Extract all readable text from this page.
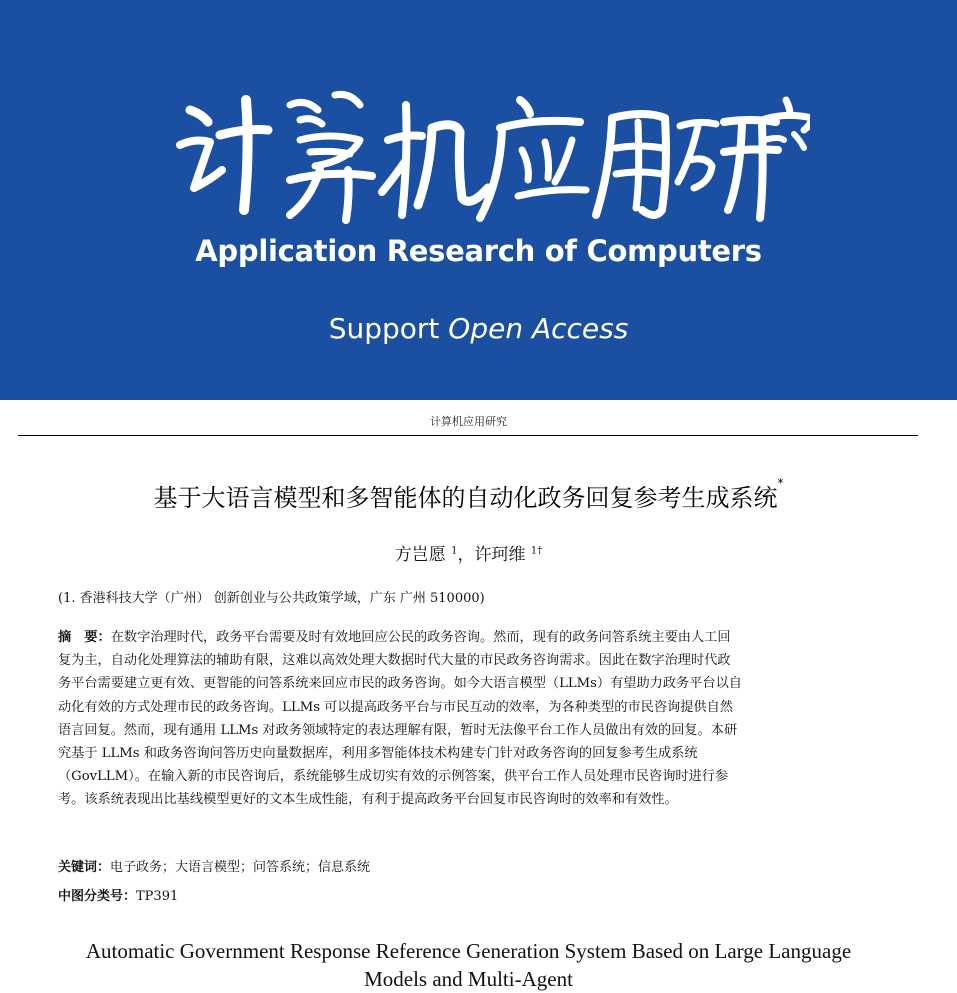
Application Research of Computers
Support Open Access
计算机应用研究
基于大语言模型和多智能体的自动化政务回复参考生成系统*
方岂愿 $^1$，许珂维 $^{1\dagger}$
(1. 香港科技大学（广州） 创新创业与公共政策学域，广东 广州 510000)
摘　要：在数字治理时代，政务平台需要及时有效地回应公民的政务咨询。然而，现有的政务问答系统主要由人工回
复为主，自动化处理算法的辅助有限，这难以高效处理大数据时代大量的市民政务咨询需求。因此在数字治理时代政
务平台需要建立更有效、更智能的问答系统来回应市民的政务咨询。如今大语言模型（LLMs）有望助力政务平台以自
动化有效的方式处理市民的政务咨询。LLMs 可以提高政务平台与市民互动的效率，为各种类型的市民咨询提供自然
语言回复。然而，现有通用 LLMs 对政务领域特定的表达理解有限，暂时无法像平台工作人员做出有效的回复。本研
究基于 LLMs 和政务咨询问答历史向量数据库，利用多智能体技术构建专门针对政务咨询的回复参考生成系统
（GovLLM）。在输入新的市民咨询后，系统能够生成切实有效的示例答案，供平台工作人员处理市民咨询时进行参
考。该系统表现出比基线模型更好的文本生成性能，有利于提高政务平台回复市民咨询时的效率和有效性。
关键词：电子政务；大语言模型；问答系统；信息系统
中图分类号：TP391
Automatic Government Response Reference Generation System Based on Large Language
Models and Multi-Agent
